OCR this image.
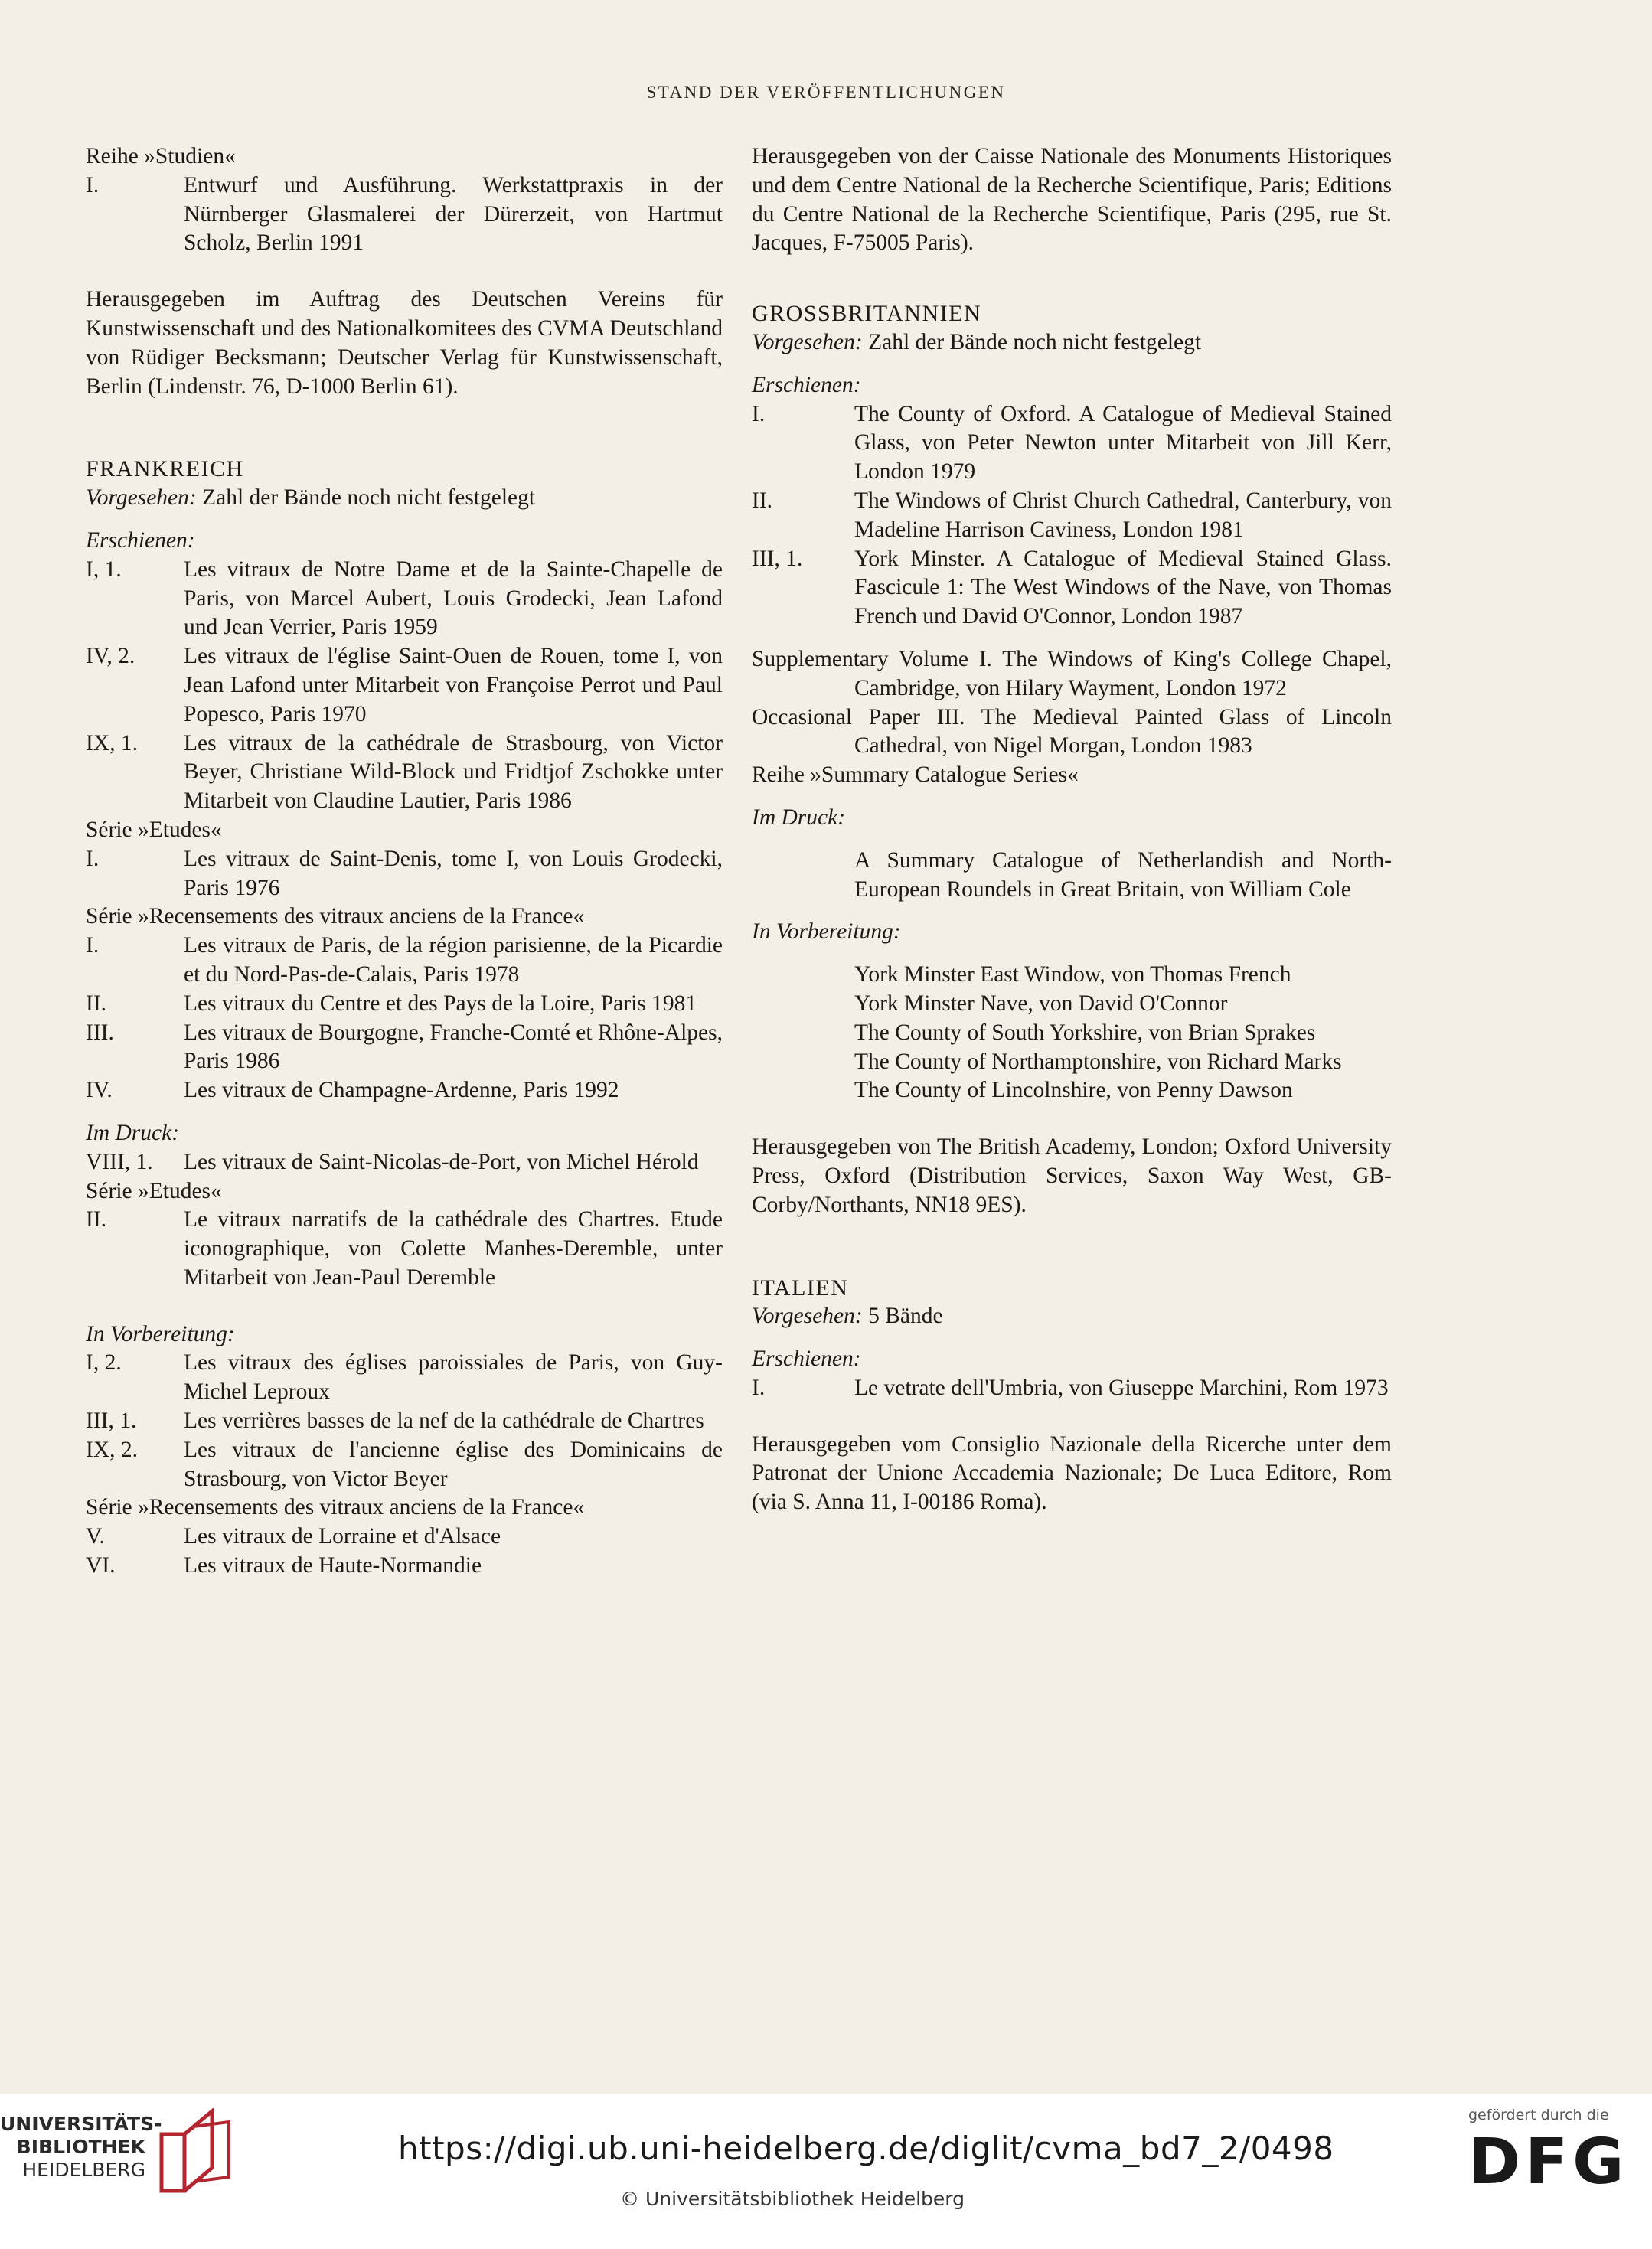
STAND DER VERÖFFENTLICHUNGEN
Reihe »Studien«
I.	Entwurf und Ausführung. Werkstattpraxis in der Nürnberger Glasmalerei der Dürerzeit, von Hartmut Scholz, Berlin 1991

Herausgegeben im Auftrag des Deutschen Vereins für Kunstwissenschaft und des Nationalkomitees des CVMA Deutschland von Rüdiger Becksmann; Deutscher Verlag für Kunstwissenschaft, Berlin (Lindenstr. 76, D-1000 Berlin 61).

FRANKREICH
Vorgesehen: Zahl der Bände noch nicht festgelegt
Erschienen:
I, 1.	Les vitraux de Notre Dame et de la Sainte-Chapelle de Paris, von Marcel Aubert, Louis Grodecki, Jean Lafond und Jean Verrier, Paris 1959
IV, 2.	Les vitraux de l'église Saint-Ouen de Rouen, tome I, von Jean Lafond unter Mitarbeit von Françoise Perrot und Paul Popesco, Paris 1970
IX, 1.	Les vitraux de la cathédrale de Strasbourg, von Victor Beyer, Christiane Wild-Block und Fridtjof Zschokke unter Mitarbeit von Claudine Lautier, Paris 1986
Série »Etudes«
I.	Les vitraux de Saint-Denis, tome I, von Louis Grodecki, Paris 1976
Série »Recensements des vitraux anciens de la France«
I.	Les vitraux de Paris, de la région parisienne, de la Picardie et du Nord-Pas-de-Calais, Paris 1978
II.	Les vitraux du Centre et des Pays de la Loire, Paris 1981
III.	Les vitraux de Bourgogne, Franche-Comté et Rhône-Alpes, Paris 1986
IV.	Les vitraux de Champagne-Ardenne, Paris 1992
Im Druck:
VIII, 1.	Les vitraux de Saint-Nicolas-de-Port, von Michel Hérold
Série »Etudes«
II.	Le vitraux narratifs de la cathédrale des Chartres. Etude iconographique, von Colette Manhes-Deremble, unter Mitarbeit von Jean-Paul Deremble
In Vorbereitung:
I, 2.	Les vitraux des églises paroissiales de Paris, von Guy-Michel Leproux
III, 1.	Les verrières basses de la nef de la cathédrale de Chartres
IX, 2.	Les vitraux de l'ancienne église des Dominicains de Strasbourg, von Victor Beyer
Série »Recensements des vitraux anciens de la France«
V.	Les vitraux de Lorraine et d'Alsace
VI.	Les vitraux de Haute-Normandie

Herausgegeben von der Caisse Nationale des Monuments Historiques und dem Centre National de la Recherche Scientifique, Paris; Editions du Centre National de la Recherche Scientifique, Paris (295, rue St. Jacques, F-75005 Paris).

GROSSBRITANNIEN
Vorgesehen: Zahl der Bände noch nicht festgelegt
Erschienen:
I.	The County of Oxford. A Catalogue of Medieval Stained Glass, von Peter Newton unter Mitarbeit von Jill Kerr, London 1979
II.	The Windows of Christ Church Cathedral, Canterbury, von Madeline Harrison Caviness, London 1981
III, 1.	York Minster. A Catalogue of Medieval Stained Glass. Fascicule 1: The West Windows of the Nave, von Thomas French und David O'Connor, London 1987
Supplementary Volume I. The Windows of King's College Chapel, Cambridge, von Hilary Wayment, London 1972
Occasional Paper III. The Medieval Painted Glass of Lincoln Cathedral, von Nigel Morgan, London 1983
Reihe »Summary Catalogue Series«
Im Druck:
A Summary Catalogue of Netherlandish and North-European Roundels in Great Britain, von William Cole
In Vorbereitung:
York Minster East Window, von Thomas French
York Minster Nave, von David O'Connor
The County of South Yorkshire, von Brian Sprakes
The County of Northamptonshire, von Richard Marks
The County of Lincolnshire, von Penny Dawson

Herausgegeben von The British Academy, London; Oxford University Press, Oxford (Distribution Services, Saxon Way West, GB-Corby/Northants, NN18 9ES).

ITALIEN
Vorgesehen: 5 Bände
Erschienen:
I.	Le vetrate dell'Umbria, von Giuseppe Marchini, Rom 1973

Herausgegeben vom Consiglio Nazionale della Ricerche unter dem Patronat der Unione Accademia Nazionale; De Luca Editore, Rom (via S. Anna 11, I-00186 Roma).

UNIVERSITÄTS-
BIBLIOTHEK
HEIDELBERG
https://digi.ub.uni-heidelberg.de/diglit/cvma_bd7_2/0498
© Universitätsbibliothek Heidelberg
gefördert durch die
DFG
